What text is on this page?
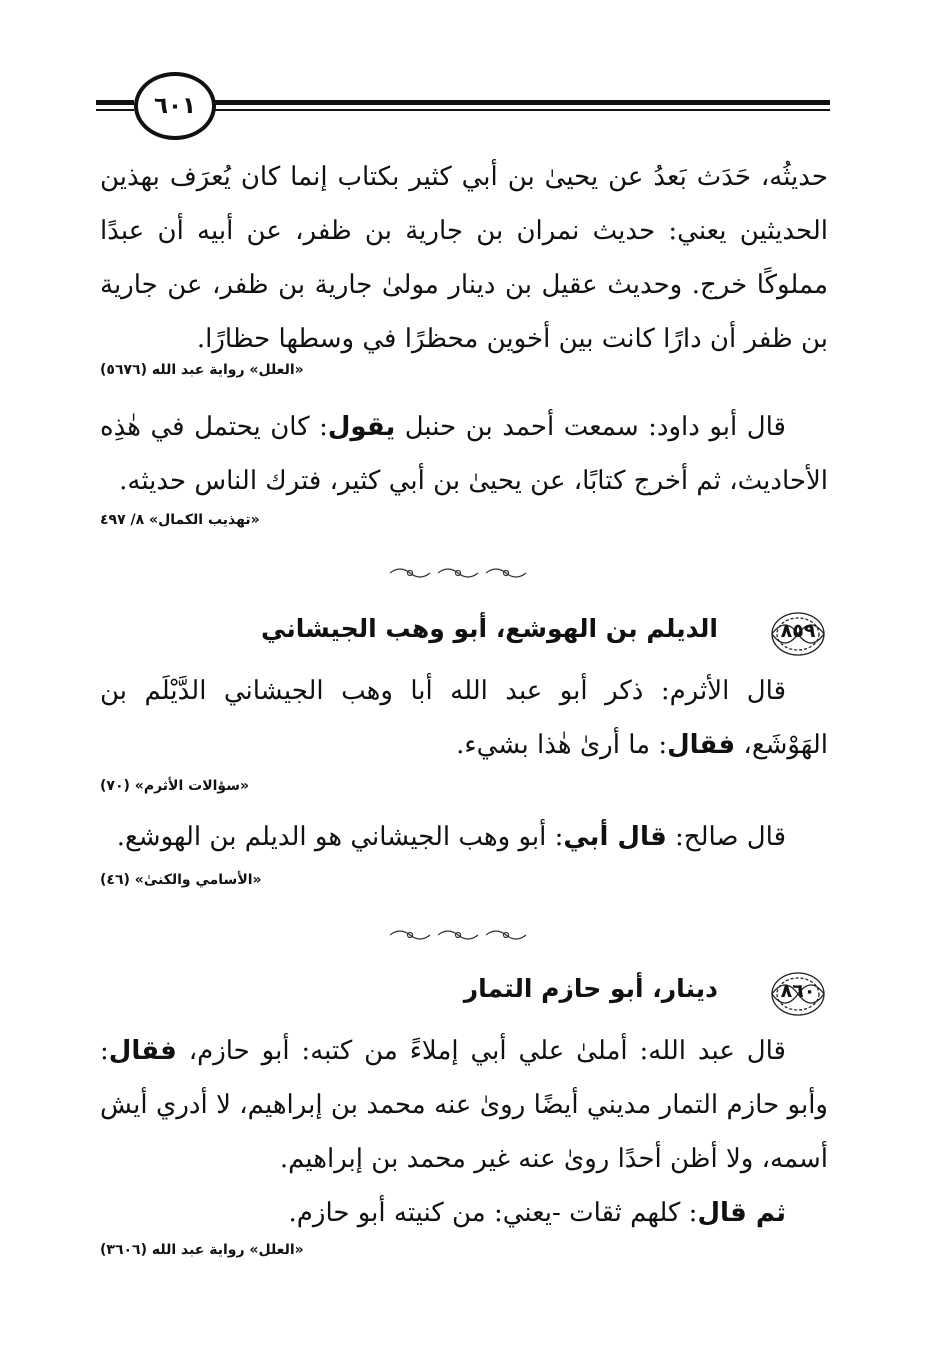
٦٠١

حديثُه، حَدَث بَعدُ عن يحيىٰ بن أبي كثير بكتاب إنما كان يُعرَف بهذين الحديثين يعني: حديث نمران بن جارية بن ظفر، عن أبيه أن عبدًا مملوكًا خرج. وحديث عقيل بن دينار مولىٰ جارية بن ظفر، عن جارية بن ظفر أن دارًا كانت بين أخوين محظرًا في وسطها حظارًا.

«العلل» رواية عبد الله (٥٦٧٦)

قال أبو داود: سمعت أحمد بن حنبل يقول: كان يحتمل في هٰذِه الأحاديث، ثم أخرج كتابًا، عن يحيىٰ بن أبي كثير، فترك الناس حديثه.

«تهذيب الكمال» ٨/ ٤٩٧
٨٥٩
الديلم بن الهوشع، أبو وهب الجيشاني

قال الأثرم: ذكر أبو عبد الله أبا وهب الجيشاني الدَّيْلَم بن الهَوْشَع، فقال: ما أرىٰ هٰذا بشيء.

«سؤالات الأثرم» (٧٠)

قال صالح: قال أبي: أبو وهب الجيشاني هو الديلم بن الهوشع.

«الأسامي والكنىٰ» (٤٦)
٨٦٠
دينار، أبو حازم التمار

قال عبد الله: أملىٰ علي أبي إملاءً من كتبه: أبو حازم، فقال: وأبو حازم التمار مديني أيضًا روىٰ عنه محمد بن إبراهيم، لا أدري أيش أسمه، ولا أظن أحدًا روىٰ عنه غير محمد بن إبراهيم.

ثم قال: كلهم ثقات -يعني: من كنيته أبو حازم.

«العلل» رواية عبد الله (٣٦٠٦)
